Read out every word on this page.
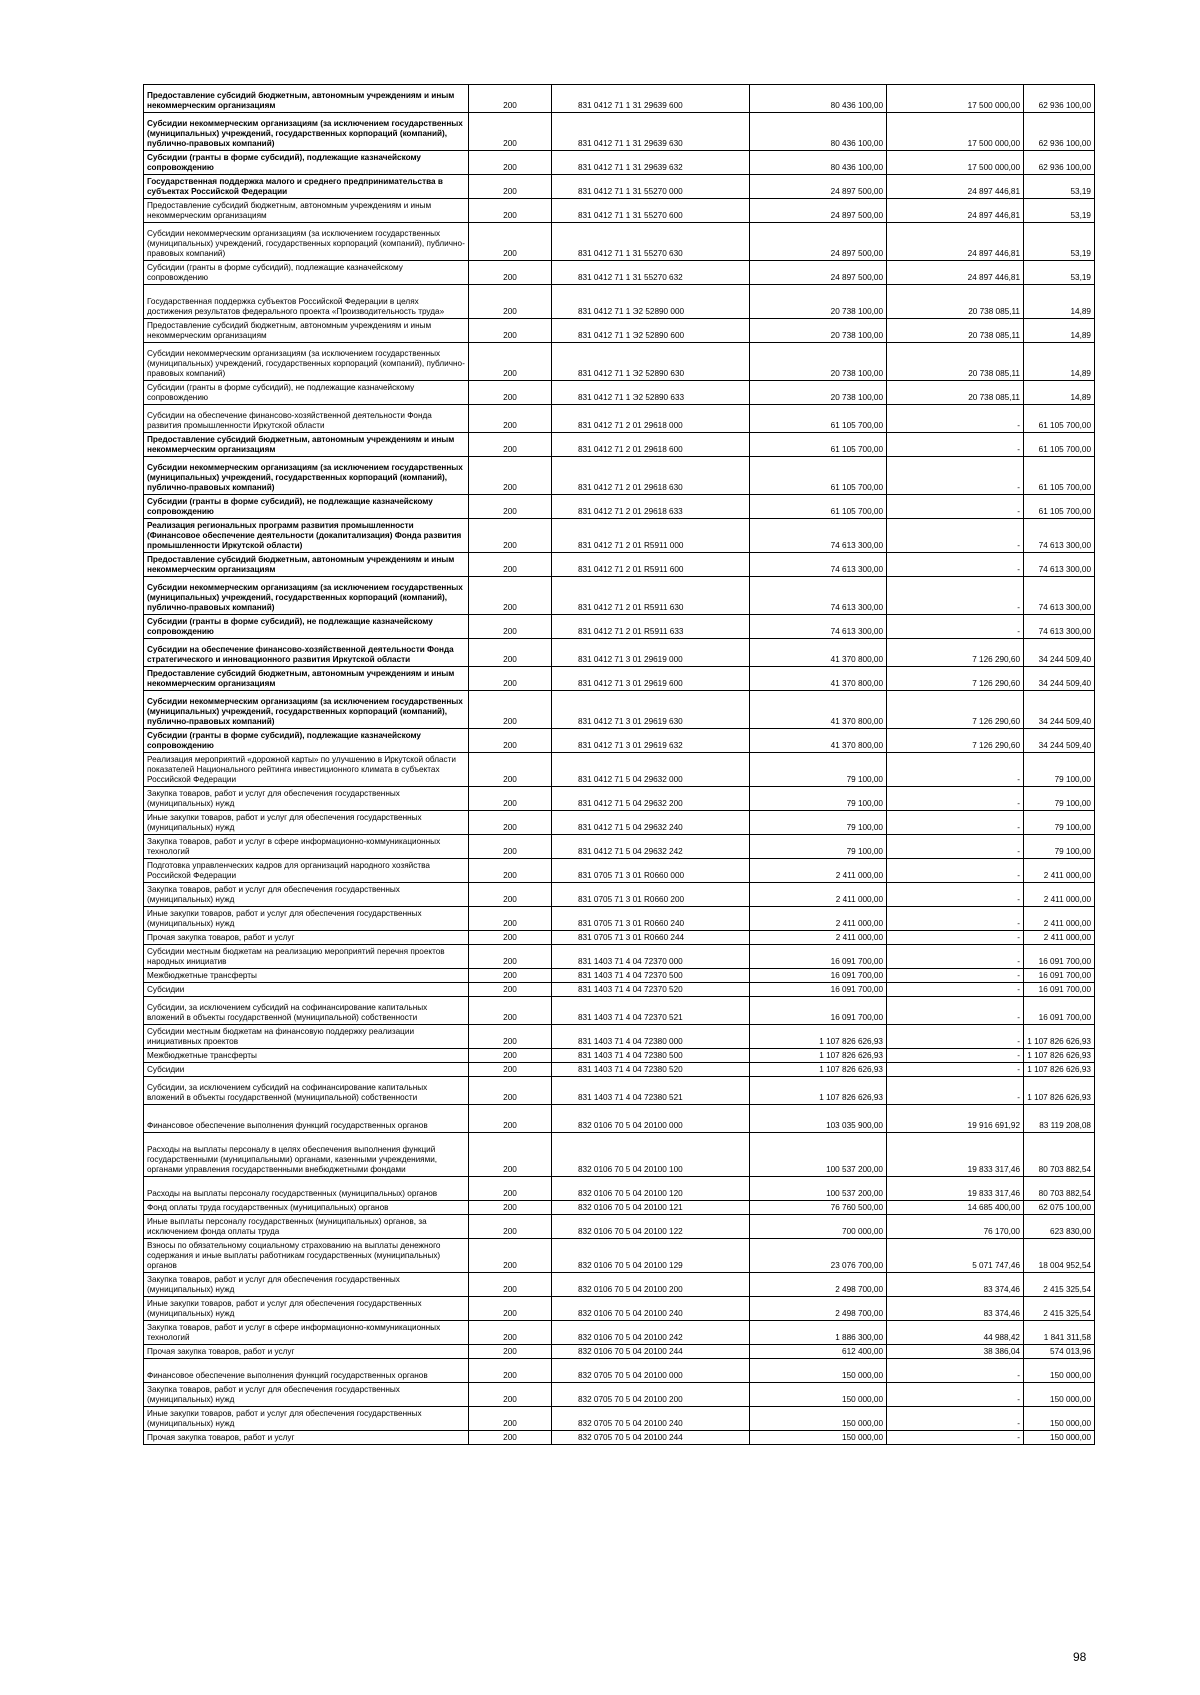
Предоставление субсидий бюджетным, автономным учреждениям и иным некоммерческим организациям	200	831 0412 71 1 31 29639 600	80 436 100,00	17 500 000,00	62 936 100,00
Субсидии некоммерческим организациям (за исключением государственных (муниципальных) учреждений, государственных корпораций (компаний), публично-правовых компаний)	200	831 0412 71 1 31 29639 630	80 436 100,00	17 500 000,00	62 936 100,00
Субсидии (гранты в форме субсидий), подлежащие казначейскому сопровождению	200	831 0412 71 1 31 29639 632	80 436 100,00	17 500 000,00	62 936 100,00
Государственная поддержка малого и среднего предпринимательства в субъектах Российской Федерации	200	831 0412 71 1 31 55270 000	24 897 500,00	24 897 446,81	53,19
Предоставление субсидий бюджетным, автономным учреждениям и иным некоммерческим организациям	200	831 0412 71 1 31 55270 600	24 897 500,00	24 897 446,81	53,19
Субсидии некоммерческим организациям (за исключением государственных (муниципальных) учреждений, государственных корпораций (компаний), публично-правовых компаний)	200	831 0412 71 1 31 55270 630	24 897 500,00	24 897 446,81	53,19
Субсидии (гранты в форме субсидий), подлежащие казначейскому сопровождению	200	831 0412 71 1 31 55270 632	24 897 500,00	24 897 446,81	53,19
Государственная поддержка субъектов Российской Федерации в целях достижения результатов федерального проекта «Производительность труда»	200	831 0412 71 1 Э2 52890 000	20 738 100,00	20 738 085,11	14,89
Предоставление субсидий бюджетным, автономным учреждениям и иным некоммерческим организациям	200	831 0412 71 1 Э2 52890 600	20 738 100,00	20 738 085,11	14,89
Субсидии некоммерческим организациям (за исключением государственных (муниципальных) учреждений, государственных корпораций (компаний), публично-правовых компаний)	200	831 0412 71 1 Э2 52890 630	20 738 100,00	20 738 085,11	14,89
Субсидии (гранты в форме субсидий), не подлежащие казначейскому сопровождению	200	831 0412 71 1 Э2 52890 633	20 738 100,00	20 738 085,11	14,89
Субсидии на обеспечение финансово-хозяйственной деятельности Фонда развития промышленности Иркутской области	200	831 0412 71 2 01 29618 000	61 105 700,00	-	61 105 700,00
Предоставление субсидий бюджетным, автономным учреждениям и иным некоммерческим организациям	200	831 0412 71 2 01 29618 600	61 105 700,00	-	61 105 700,00
Субсидии некоммерческим организациям (за исключением государственных (муниципальных) учреждений, государственных корпораций (компаний), публично-правовых компаний)	200	831 0412 71 2 01 29618 630	61 105 700,00	-	61 105 700,00
Субсидии (гранты в форме субсидий), не подлежащие казначейскому сопровождению	200	831 0412 71 2 01 29618 633	61 105 700,00	-	61 105 700,00
Реализация региональных программ развития промышленности (Финансовое обеспечение деятельности (докапитализация) Фонда развития промышленности Иркутской области)	200	831 0412 71 2 01 R5911 000	74 613 300,00	-	74 613 300,00
Предоставление субсидий бюджетным, автономным учреждениям и иным некоммерческим организациям	200	831 0412 71 2 01 R5911 600	74 613 300,00	-	74 613 300,00
Субсидии некоммерческим организациям (за исключением государственных (муниципальных) учреждений, государственных корпораций (компаний), публично-правовых компаний)	200	831 0412 71 2 01 R5911 630	74 613 300,00	-	74 613 300,00
Субсидии (гранты в форме субсидий), не подлежащие казначейскому сопровождению	200	831 0412 71 2 01 R5911 633	74 613 300,00	-	74 613 300,00
Субсидии на обеспечение финансово-хозяйственной деятельности Фонда стратегического и инновационного развития Иркутской области	200	831 0412 71 3 01 29619 000	41 370 800,00	7 126 290,60	34 244 509,40
Предоставление субсидий бюджетным, автономным учреждениям и иным некоммерческим организациям	200	831 0412 71 3 01 29619 600	41 370 800,00	7 126 290,60	34 244 509,40
Субсидии некоммерческим организациям (за исключением государственных (муниципальных) учреждений, государственных корпораций (компаний), публично-правовых компаний)	200	831 0412 71 3 01 29619 630	41 370 800,00	7 126 290,60	34 244 509,40
Субсидии (гранты в форме субсидий), подлежащие казначейскому сопровождению	200	831 0412 71 3 01 29619 632	41 370 800,00	7 126 290,60	34 244 509,40
Реализация мероприятий «дорожной карты» по улучшению в Иркутской области показателей Национального рейтинга инвестиционного климата в субъектах Российской Федерации	200	831 0412 71 5 04 29632 000	79 100,00	-	79 100,00
Закупка товаров, работ и услуг для обеспечения государственных (муниципальных) нужд	200	831 0412 71 5 04 29632 200	79 100,00	-	79 100,00
Иные закупки товаров, работ и услуг для обеспечения государственных (муниципальных) нужд	200	831 0412 71 5 04 29632 240	79 100,00	-	79 100,00
Закупка товаров, работ и услуг в сфере информационно-коммуникационных технологий	200	831 0412 71 5 04 29632 242	79 100,00	-	79 100,00
Подготовка управленческих кадров для организаций народного хозяйства Российской Федерации	200	831 0705 71 3 01 R0660 000	2 411 000,00	-	2 411 000,00
Закупка товаров, работ и услуг для обеспечения государственных (муниципальных) нужд	200	831 0705 71 3 01 R0660 200	2 411 000,00	-	2 411 000,00
Иные закупки товаров, работ и услуг для обеспечения государственных (муниципальных) нужд	200	831 0705 71 3 01 R0660 240	2 411 000,00	-	2 411 000,00
Прочая закупка товаров, работ и услуг	200	831 0705 71 3 01 R0660 244	2 411 000,00	-	2 411 000,00
Субсидии местным бюджетам на реализацию мероприятий перечня проектов народных инициатив	200	831 1403 71 4 04 72370 000	16 091 700,00	-	16 091 700,00
Межбюджетные трансферты	200	831 1403 71 4 04 72370 500	16 091 700,00	-	16 091 700,00
Субсидии	200	831 1403 71 4 04 72370 520	16 091 700,00	-	16 091 700,00
Субсидии, за исключением субсидий на софинансирование капитальных вложений в объекты государственной (муниципальной) собственности	200	831 1403 71 4 04 72370 521	16 091 700,00	-	16 091 700,00
Субсидии местным бюджетам на финансовую поддержку реализации инициативных проектов	200	831 1403 71 4 04 72380 000	1 107 826 626,93	-	1 107 826 626,93
Межбюджетные трансферты	200	831 1403 71 4 04 72380 500	1 107 826 626,93	-	1 107 826 626,93
Субсидии	200	831 1403 71 4 04 72380 520	1 107 826 626,93	-	1 107 826 626,93
Субсидии, за исключением субсидий на софинансирование капитальных вложений в объекты государственной (муниципальной) собственности	200	831 1403 71 4 04 72380 521	1 107 826 626,93	-	1 107 826 626,93
Финансовое обеспечение выполнения функций государственных органов	200	832 0106 70 5 04 20100 000	103 035 900,00	19 916 691,92	83 119 208,08
Расходы на выплаты персоналу в целях обеспечения выполнения функций государственными (муниципальными) органами, казенными учреждениями, органами управления государственными внебюджетными фондами	200	832 0106 70 5 04 20100 100	100 537 200,00	19 833 317,46	80 703 882,54
Расходы на выплаты персоналу государственных (муниципальных) органов	200	832 0106 70 5 04 20100 120	100 537 200,00	19 833 317,46	80 703 882,54
Фонд оплаты труда государственных (муниципальных) органов	200	832 0106 70 5 04 20100 121	76 760 500,00	14 685 400,00	62 075 100,00
Иные выплаты персоналу государственных (муниципальных) органов, за исключением фонда оплаты труда	200	832 0106 70 5 04 20100 122	700 000,00	76 170,00	623 830,00
Взносы по обязательному социальному страхованию на выплаты денежного содержания и иные выплаты работникам государственных (муниципальных) органов	200	832 0106 70 5 04 20100 129	23 076 700,00	5 071 747,46	18 004 952,54
Закупка товаров, работ и услуг для обеспечения государственных (муниципальных) нужд	200	832 0106 70 5 04 20100 200	2 498 700,00	83 374,46	2 415 325,54
Иные закупки товаров, работ и услуг для обеспечения государственных (муниципальных) нужд	200	832 0106 70 5 04 20100 240	2 498 700,00	83 374,46	2 415 325,54
Закупка товаров, работ и услуг в сфере информационно-коммуникационных технологий	200	832 0106 70 5 04 20100 242	1 886 300,00	44 988,42	1 841 311,58
Прочая закупка товаров, работ и услуг	200	832 0106 70 5 04 20100 244	612 400,00	38 386,04	574 013,96
Финансовое обеспечение выполнения функций государственных органов	200	832 0705 70 5 04 20100 000	150 000,00	-	150 000,00
Закупка товаров, работ и услуг для обеспечения государственных (муниципальных) нужд	200	832 0705 70 5 04 20100 200	150 000,00	-	150 000,00
Иные закупки товаров, работ и услуг для обеспечения государственных (муниципальных) нужд	200	832 0705 70 5 04 20100 240	150 000,00	-	150 000,00
Прочая закупка товаров, работ и услуг	200	832 0705 70 5 04 20100 244	150 000,00	-	150 000,00
98
